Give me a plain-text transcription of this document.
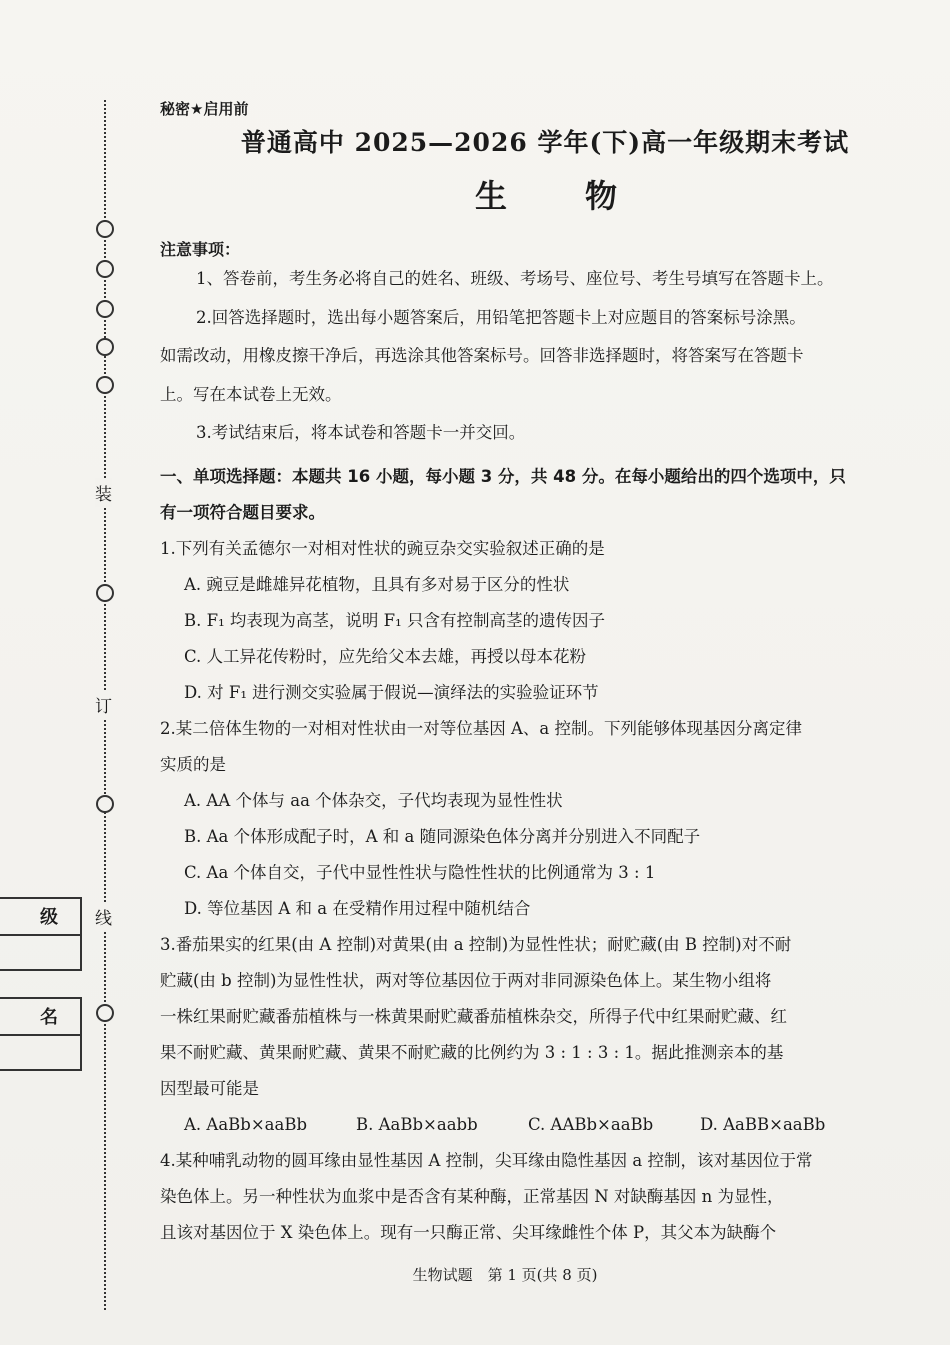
装
订
线
级
名
秘密★启用前
普通高中 2025—2026 学年(下)高一年级期末考试
生物
注意事项：

1、答卷前，考生务必将自己的姓名、班级、考场号、座位号、考生号填写在答题卡上。

2.回答选择题时，选出每小题答案后，用铅笔把答题卡上对应题目的答案标号涂黑。

如需改动，用橡皮擦干净后，再选涂其他答案标号。回答非选择题时，将答案写在答题卡

上。写在本试卷上无效。

3.考试结束后，将本试卷和答题卡一并交回。

一、单项选择题：本题共 16 小题，每小题 3 分，共 48 分。在每小题给出的四个选项中，只
有一项符合题目要求。

1.下列有关孟德尔一对相对性状的豌豆杂交实验叙述正确的是

A. 豌豆是雌雄异花植物，且具有多对易于区分的性状

B. F₁ 均表现为高茎，说明 F₁ 只含有控制高茎的遗传因子

C. 人工异花传粉时，应先给父本去雄，再授以母本花粉

D. 对 F₁ 进行测交实验属于假说—演绎法的实验验证环节

2.某二倍体生物的一对相对性状由一对等位基因 A、a 控制。下列能够体现基因分离定律

实质的是

A. AA 个体与 aa 个体杂交，子代均表现为显性性状

B. Aa 个体形成配子时，A 和 a 随同源染色体分离并分别进入不同配子

C. Aa 个体自交，子代中显性性状与隐性性状的比例通常为 3 : 1

D. 等位基因 A 和 a 在受精作用过程中随机结合

3.番茄果实的红果(由 A 控制)对黄果(由 a 控制)为显性性状；耐贮藏(由 B 控制)对不耐

贮藏(由 b 控制)为显性性状，两对等位基因位于两对非同源染色体上。某生物小组将

一株红果耐贮藏番茄植株与一株黄果耐贮藏番茄植株杂交，所得子代中红果耐贮藏、红

果不耐贮藏、黄果耐贮藏、黄果不耐贮藏的比例约为 3 : 1 : 3 : 1。据此推测亲本的基

因型最可能是

A. AaBb×aaBb	B. AaBb×aabb	C. AABb×aaBb	D. AaBB×aaBb

4.某种哺乳动物的圆耳缘由显性基因 A 控制，尖耳缘由隐性基因 a 控制，该对基因位于常

染色体上。另一种性状为血浆中是否含有某种酶，正常基因 N 对缺酶基因 n 为显性，

且该对基因位于 X 染色体上。现有一只酶正常、尖耳缘雌性个体 P，其父本为缺酶个

生物试题　第 1 页(共 8 页)
